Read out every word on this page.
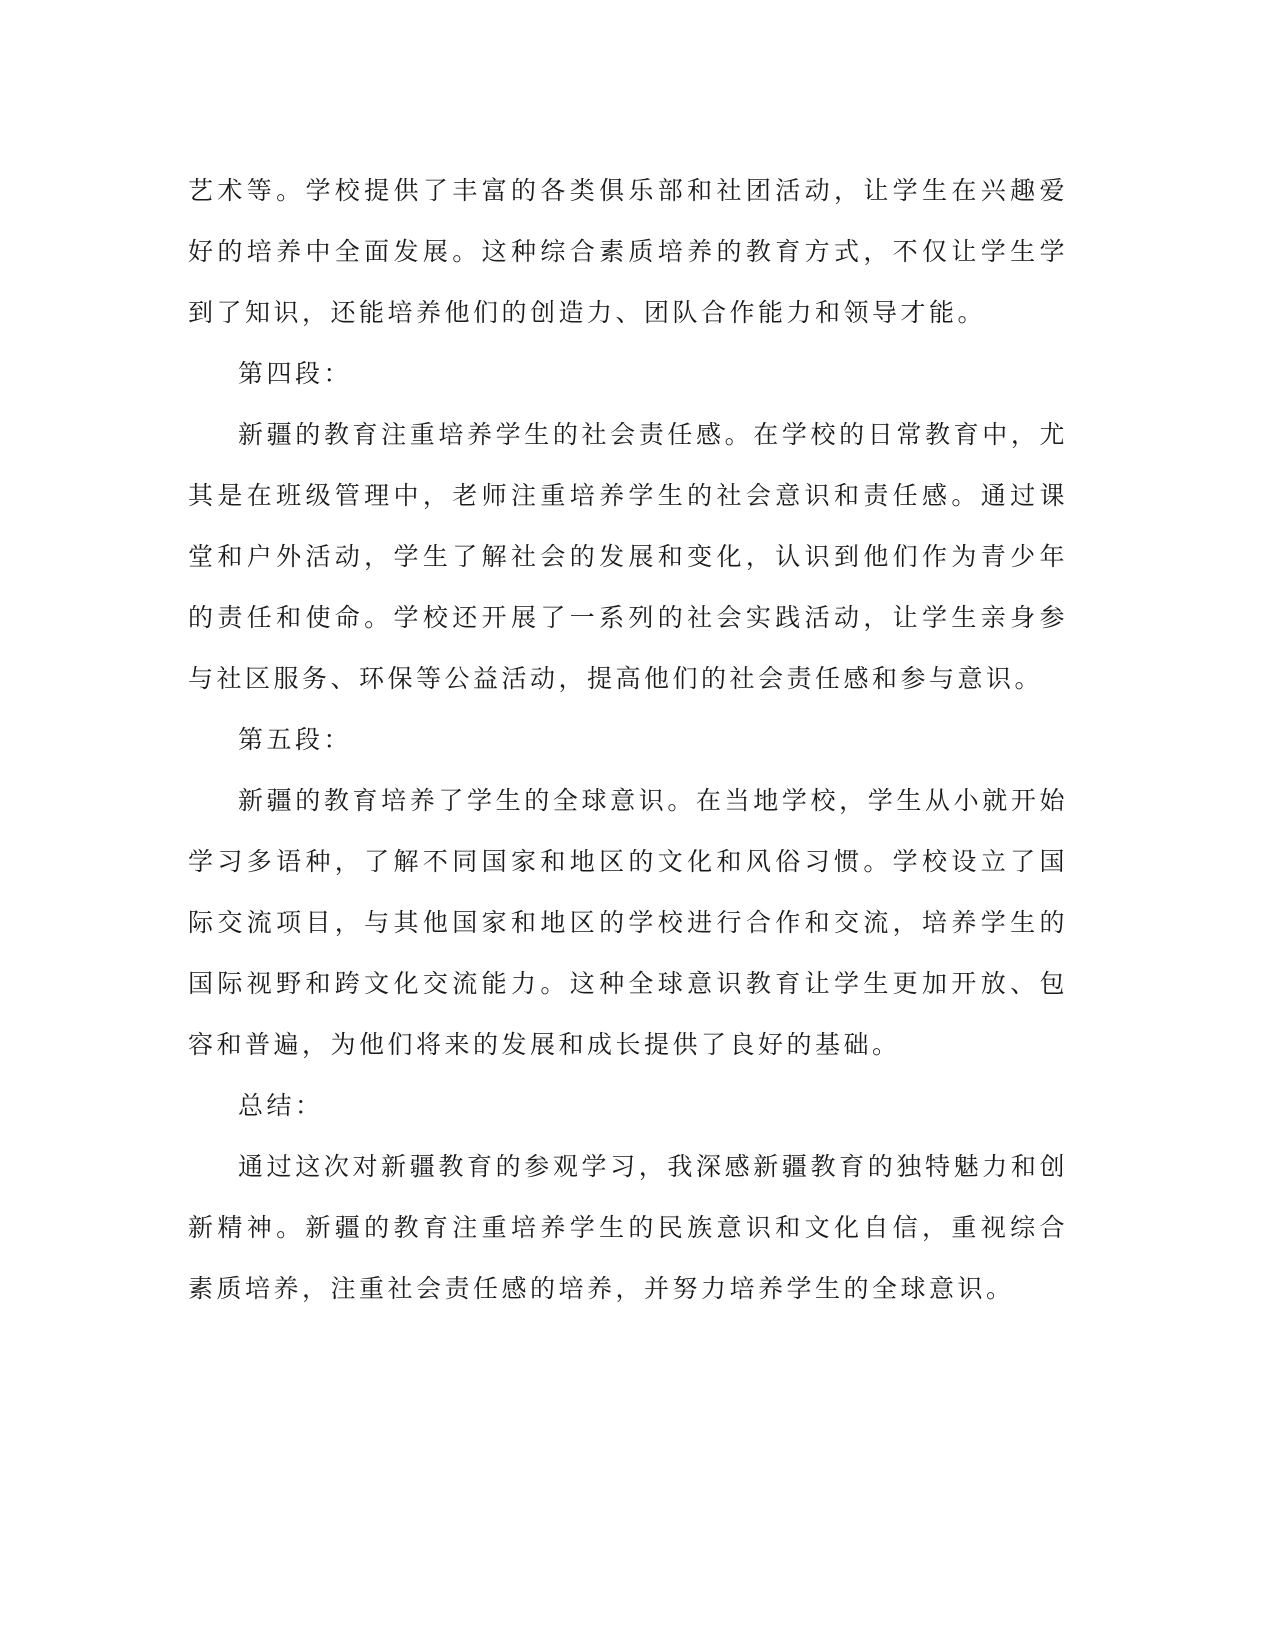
艺术等。学校提供了丰富的各类俱乐部和社团活动，让学生在兴趣爱好的培养中全面发展。这种综合素质培养的教育方式，不仅让学生学到了知识，还能培养他们的创造力、团队合作能力和领导才能。

第四段：

新疆的教育注重培养学生的社会责任感。在学校的日常教育中，尤其是在班级管理中，老师注重培养学生的社会意识和责任感。通过课堂和户外活动，学生了解社会的发展和变化，认识到他们作为青少年的责任和使命。学校还开展了一系列的社会实践活动，让学生亲身参与社区服务、环保等公益活动，提高他们的社会责任感和参与意识。

第五段：

新疆的教育培养了学生的全球意识。在当地学校，学生从小就开始学习多语种，了解不同国家和地区的文化和风俗习惯。学校设立了国际交流项目，与其他国家和地区的学校进行合作和交流，培养学生的国际视野和跨文化交流能力。这种全球意识教育让学生更加开放、包容和普遍，为他们将来的发展和成长提供了良好的基础。

总结：

通过这次对新疆教育的参观学习，我深感新疆教育的独特魅力和创新精神。新疆的教育注重培养学生的民族意识和文化自信，重视综合素质培养，注重社会责任感的培养，并努力培养学生的全球意识。
